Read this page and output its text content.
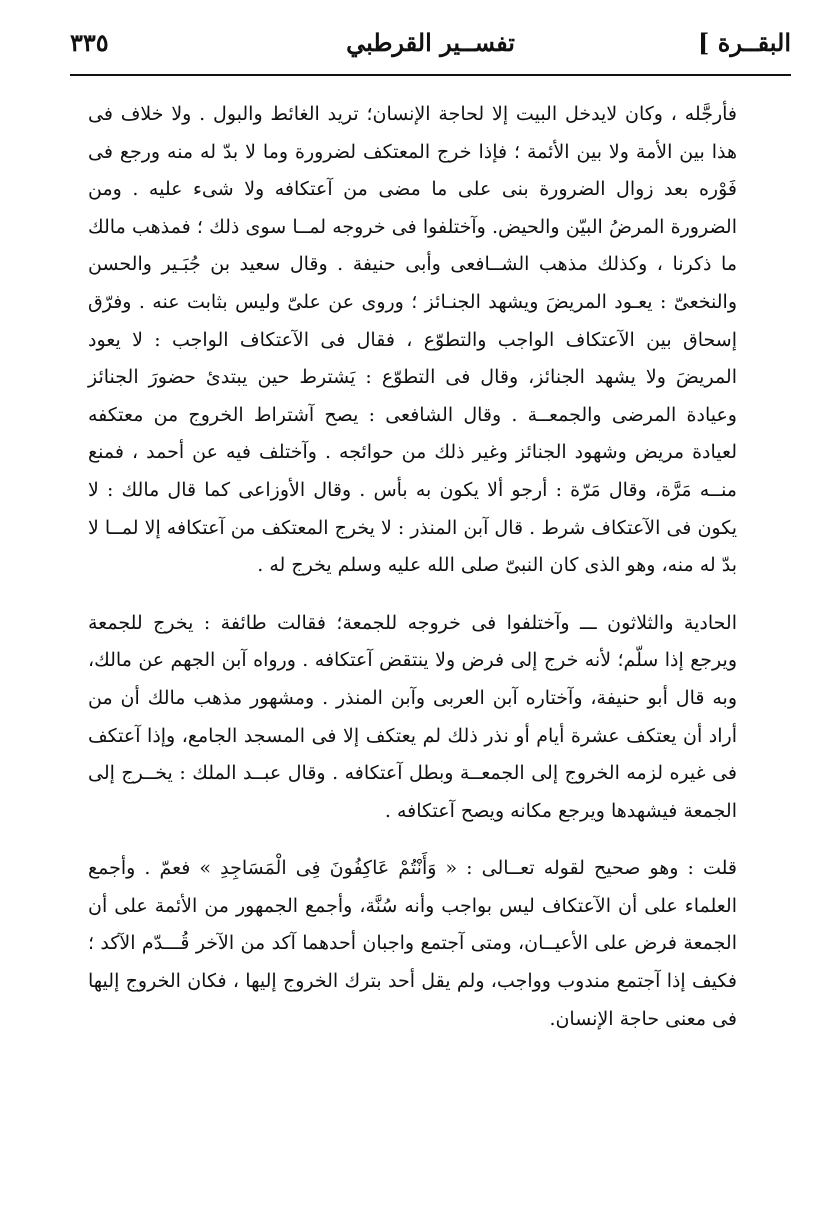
البقــرة ]
تفســير القرطبي
٣٣٥

فأرجَّله ، وكان لايدخل البيت إلا لحاجة الإنسان؛ تريد الغائط والبول . ولا خلاف فى هذا بين الأمة ولا بين الأئمة ؛ فإذا خرج المعتكف لضرورة وما لا بدّ له منه ورجع فى فَوْره بعد زوال الضرورة بنى على ما مضى من آعتكافه ولا شىء عليه . ومن الضرورة المرضُ البيّن والحيض. وآختلفوا فى خروجه لمــا سوى ذلك ؛ فمذهب مالك ما ذكرنا ، وكذلك مذهب الشــافعى وأبى حنيفة . وقال سعيد بن جُبَـير والحسن والنخعىّ : يعـود المريضَ ويشهد الجنـائز ؛ وروى عن علىّ وليس بثابت عنه . وفرّق إسحاق بين الآعتكاف الواجب والتطوّع ، فقال فى الآعتكاف الواجب : لا يعود المريضَ ولا يشهد الجنائز، وقال فى التطوّع : يَشترط حين يبتدئ حضورَ الجنائز وعيادة المرضى والجمعــة . وقال الشافعى : يصح آشتراط الخروج من معتكفه لعيادة مريض وشهود الجنائز وغير ذلك من حوائجه . وآختلف فيه عن أحمد ، فمنع منــه مَرَّة، وقال مَرّة : أرجو ألا يكون به بأس . وقال الأوزاعى كما قال مالك : لا يكون فى الآعتكاف شرط . قال آبن المنذر : لا يخرج المعتكف من آعتكافه إلا لمــا لا بدّ له منه، وهو الذى كان النبىّ صلى الله عليه وسلم يخرج له .

الحادية والثلاثون ـــ وآختلفوا فى خروجه للجمعة؛ فقالت طائفة : يخرج للجمعة ويرجع إذا سلّم؛ لأنه خرج إلى فرض ولا ينتقض آعتكافه . ورواه آبن الجهم عن مالك، وبه قال أبو حنيفة، وآختاره آبن العربى وآبن المنذر . ومشهور مذهب مالك أن من أراد أن يعتكف عشرة أيام أو نذر ذلك لم يعتكف إلا فى المسجد الجامع، وإذا آعتكف فى غيره لزمه الخروج إلى الجمعــة وبطل آعتكافه . وقال عبــد الملك : يخــرج إلى الجمعة فيشهدها ويرجع مكانه ويصح آعتكافه .

قلت : وهو صحيح لقوله تعــالى : « وَأَنْتُمْ عَاكِفُونَ فِى الْمَسَاجِدِ » فعمّ . وأجمع العلماء على أن الآعتكاف ليس بواجب وأنه سُنَّة، وأجمع الجمهور من الأئمة على أن الجمعة فرض على الأعيــان، ومتى آجتمع واجبان أحدهما آكد من الآخر قُـــدّم الآكد ؛ فكيف إذا آجتمع مندوب وواجب، ولم يقل أحد بترك الخروج إليها ، فكان الخروج إليها فى معنى حاجة الإنسان.
